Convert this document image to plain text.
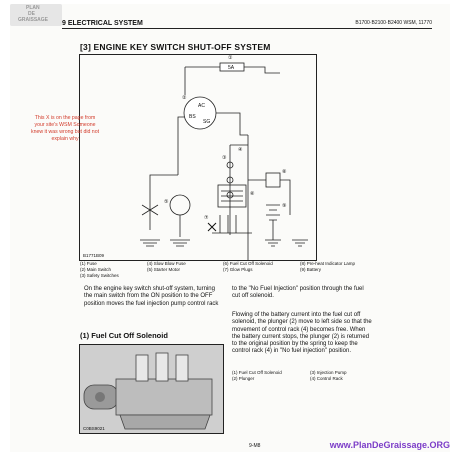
PLAN
DE
GRAISSAGE 9 ELECTRICAL SYSTEM	B1700·B2100·B2400 WSM, 11770
[3] ENGINE KEY SWITCH SHUT-OFF SYSTEM
5A
AC
BS
SG
①
②
③
④
⑤
⑥
⑦
⑧
⑨
B1771B09
This X is on the page from your site's WSM Someone knew it was wrong but did not explain why
(1) Fuse
(2) Main Switch
(3) Safety Switches
(4) Slow Blow Fuse
(5) Starter Motor
(6) Fuel Cut Off Solenoid
(7) Glow Plugs
(8) Pre-heat Indicator Lamp
(9) Battery
On the engine key switch shut-off system, turning
the main switch from the ON position to the OFF
position moves the fuel injection pump control rack
to the "No Fuel Injection" position through the fuel
cut off solenoid.
(1) Fuel Cut Off Solenoid
C0BS9021
Flowing of the battery current into the fuel cut off
solenoid, the plunger (2) move to left side so that the
movement of control rack (4) becomes free. When
the battery current stops, the plunger (2) is returned
to the original position by the spring to keep the
control rack (4) in "No fuel injection" position.
(1) Fuel Cut Off Solenoid
(2) Plunger
(3) Injection Pump
(4) Control Rack
9-M8	www.PlanDeGraissage.ORG
